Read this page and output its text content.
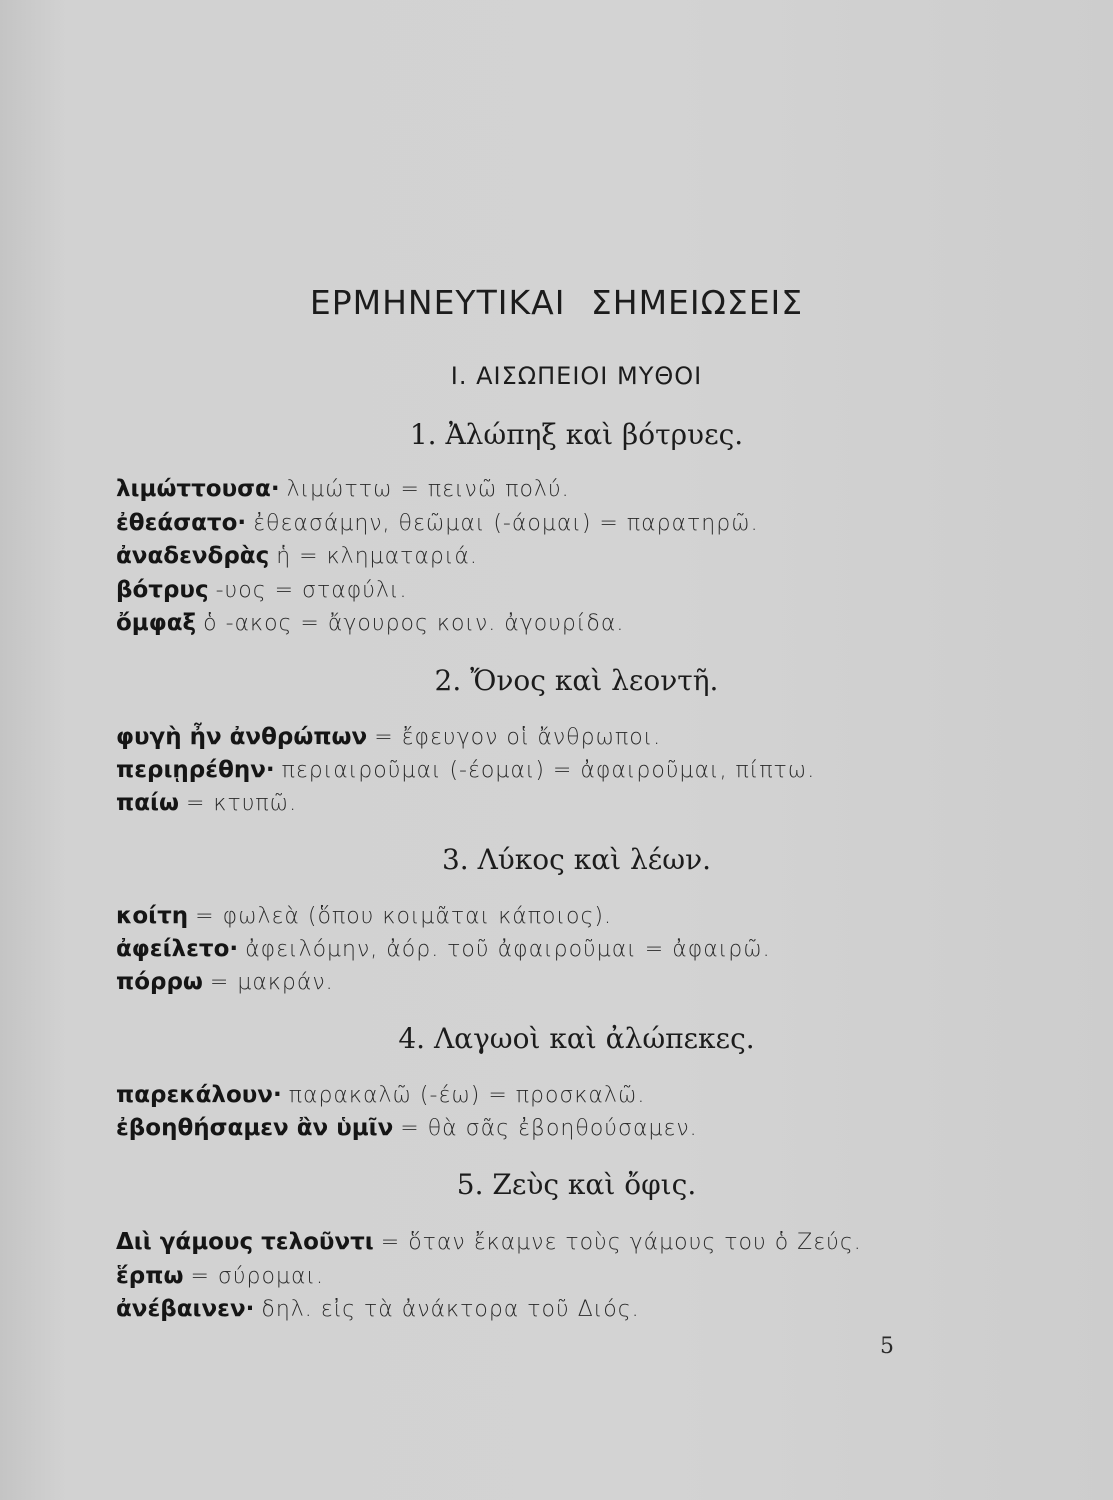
ΕΡΜΗΝΕΥΤΙΚΑΙ ΣΗΜΕΙΩΣΕΙΣ
Ι. ΑΙΣΩΠΕΙΟΙ ΜΥΘΟΙ
1. Ἀλώπηξ καὶ βότρυες.
λιμώττουσα· λιμώττω = πεινῶ πολύ.
ἐθεάσατο· ἐθεασάμην, θεῶμαι (-άομαι) = παρατηρῶ.
ἀναδενδρὰς ἡ = κληματαριά.
βότρυς -υος = σταφύλι.
ὄμφαξ ὁ -ακος = ἄγουρος κοιν. ἀγουρίδα.
2. Ὄνος καὶ λεοντῆ.
φυγὴ ἦν ἀνθρώπων = ἔφευγον οἱ ἄνθρωποι.
περιῃρέθην· περιαιροῦμαι (-έομαι) = ἀφαιροῦμαι, πίπτω.
παίω = κτυπῶ.
3. Λύκος καὶ λέων.
κοίτη = φωλεὰ (ὅπου κοιμᾶται κάποιος).
ἀφείλετο· ἀφειλόμην, ἀόρ. τοῦ ἀφαιροῦμαι = ἀφαιρῶ.
πόρρω = μακράν.
4. Λαγωοὶ καὶ ἀλώπεκες.
παρεκάλουν· παρακαλῶ (-έω) = προσκαλῶ.
ἐβοηθήσαμεν ἂν ὑμῖν = θὰ σᾶς ἐβοηθούσαμεν.
5. Ζεὺς καὶ ὄφις.
Διὶ γάμους τελοῦντι = ὅταν ἔκαμνε τοὺς γάμους του ὁ Ζεύς.
ἕρπω = σύρομαι.
ἀνέβαινεν· δηλ. εἰς τὰ ἀνάκτορα τοῦ Διός.
5
